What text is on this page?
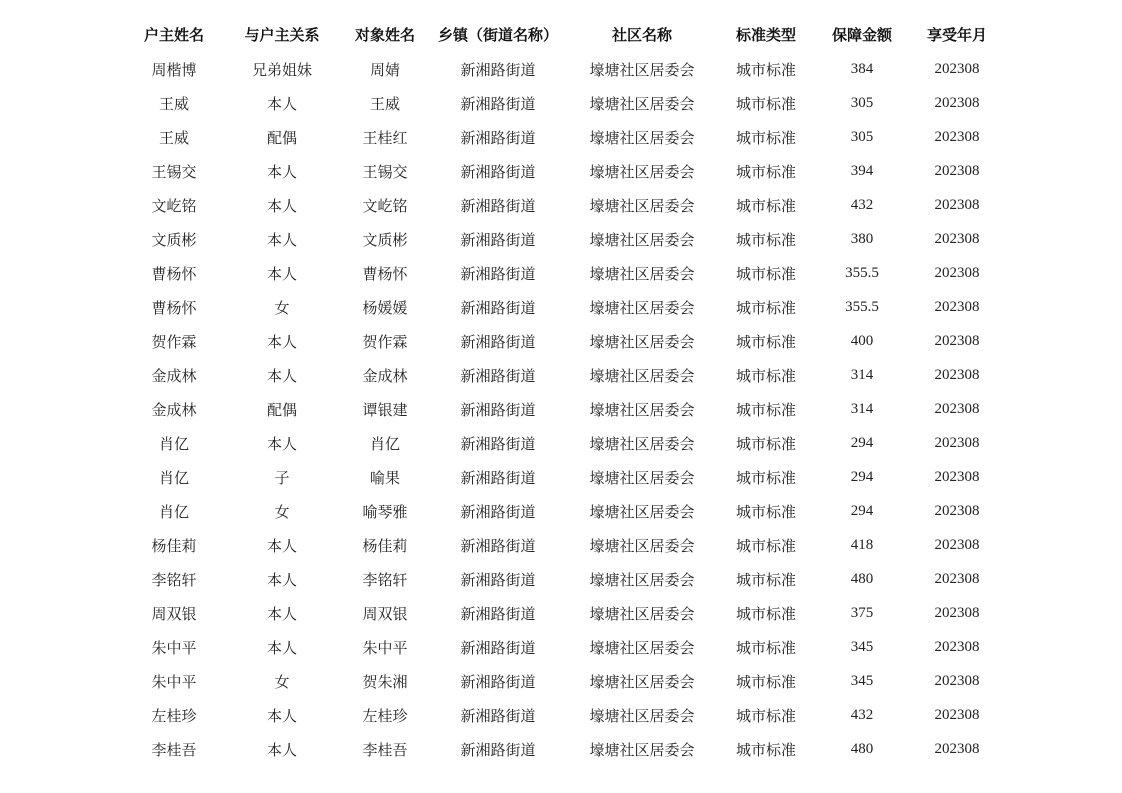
户主姓名	与户主关系	对象姓名	乡镇（街道名称）	社区名称	标准类型	保障金额	享受年月
周楷博	兄弟姐妹	周婧	新湘路街道	壕塘社区居委会	城市标准	384	202308
王威	本人	王威	新湘路街道	壕塘社区居委会	城市标准	305	202308
王威	配偶	王桂红	新湘路街道	壕塘社区居委会	城市标准	305	202308
王锡交	本人	王锡交	新湘路街道	壕塘社区居委会	城市标准	394	202308
文屹铭	本人	文屹铭	新湘路街道	壕塘社区居委会	城市标准	432	202308
文质彬	本人	文质彬	新湘路街道	壕塘社区居委会	城市标准	380	202308
曹杨怀	本人	曹杨怀	新湘路街道	壕塘社区居委会	城市标准	355.5	202308
曹杨怀	女	杨媛媛	新湘路街道	壕塘社区居委会	城市标准	355.5	202308
贺作霖	本人	贺作霖	新湘路街道	壕塘社区居委会	城市标准	400	202308
金成林	本人	金成林	新湘路街道	壕塘社区居委会	城市标准	314	202308
金成林	配偶	谭银建	新湘路街道	壕塘社区居委会	城市标准	314	202308
肖亿	本人	肖亿	新湘路街道	壕塘社区居委会	城市标准	294	202308
肖亿	子	喻果	新湘路街道	壕塘社区居委会	城市标准	294	202308
肖亿	女	喻琴雅	新湘路街道	壕塘社区居委会	城市标准	294	202308
杨佳莉	本人	杨佳莉	新湘路街道	壕塘社区居委会	城市标准	418	202308
李铭轩	本人	李铭轩	新湘路街道	壕塘社区居委会	城市标准	480	202308
周双银	本人	周双银	新湘路街道	壕塘社区居委会	城市标准	375	202308
朱中平	本人	朱中平	新湘路街道	壕塘社区居委会	城市标准	345	202308
朱中平	女	贺朱湘	新湘路街道	壕塘社区居委会	城市标准	345	202308
左桂珍	本人	左桂珍	新湘路街道	壕塘社区居委会	城市标准	432	202308
李桂吾	本人	李桂吾	新湘路街道	壕塘社区居委会	城市标准	480	202308
